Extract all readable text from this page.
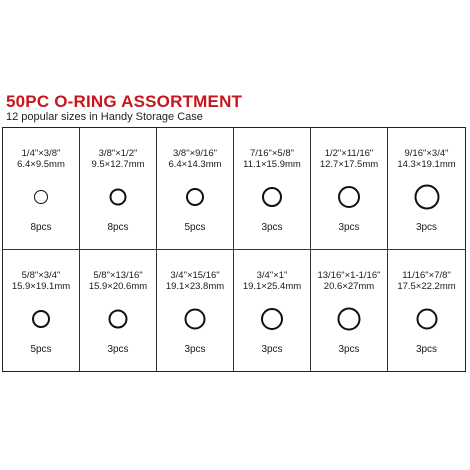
50PC O-RING ASSORTMENT
12 popular sizes in Handy Storage Case
1/4"×3/8"
6.4×9.5mm
8pcs
3/8"×1/2"
9.5×12.7mm
8pcs
3/8"×9/16"
6.4×14.3mm
5pcs
7/16"×5/8"
11.1×15.9mm
3pcs
1/2"×11/16"
12.7×17.5mm
3pcs
9/16"×3/4"
14.3×19.1mm
3pcs
5/8"×3/4"
15.9×19.1mm
5pcs
5/8"×13/16"
15.9×20.6mm
3pcs
3/4"×15/16"
19.1×23.8mm
3pcs
3/4"×1"
19.1×25.4mm
3pcs
13/16"×1-1/16"
20.6×27mm
3pcs
11/16"×7/8"
17.5×22.2mm
3pcs
